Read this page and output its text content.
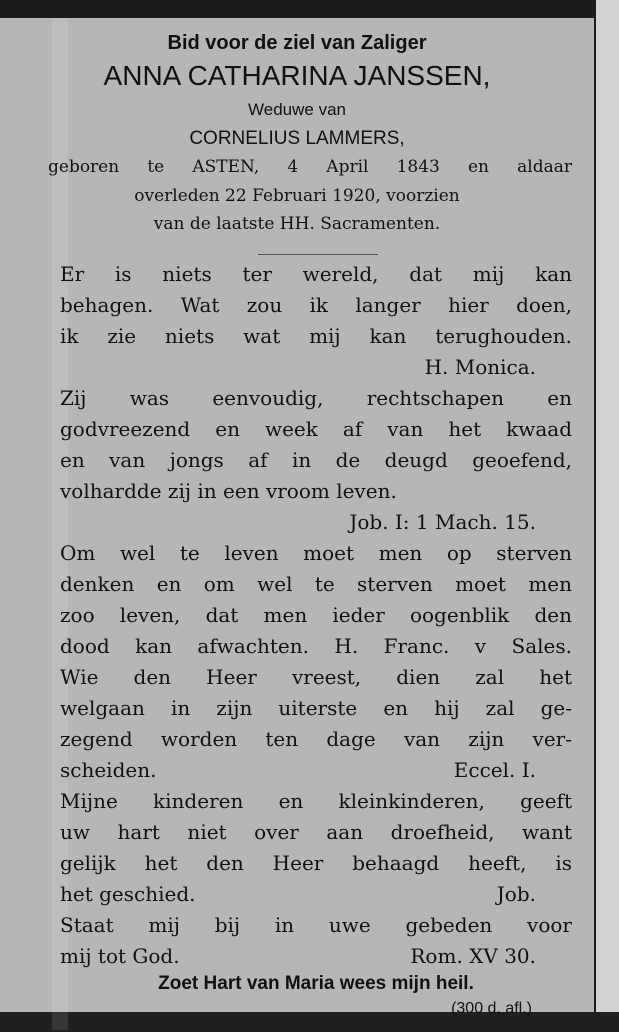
Bid voor de ziel van Zaliger
ANNA CATHARINA JANSSEN,
Weduwe van
CORNELIUS LAMMERS,
geboren te ASTEN, 4 April 1843 en aldaar
overleden 22 Februari 1920, voorzien
van de laatste HH. Sacramenten.
Er is niets ter wereld, dat mij kan
behagen. Wat zou ik langer hier doen,
ik zie niets wat mij kan terughouden.
H. Monica.
Zij was eenvoudig, rechtschapen en
godvreezend en week af van het kwaad
en van jongs af in de deugd geoefend,
volhardde zij in een vroom leven.
Job. I: 1 Mach. 15.
Om wel te leven moet men op sterven
denken en om wel te sterven moet men
zoo leven, dat men ieder oogenblik den
dood kan afwachten. H. Franc. v Sales.
Wie den Heer vreest, dien zal het
welgaan in zijn uiterste en hij zal ge-
zegend worden ten dage van zijn ver-
scheiden.	Eccel. I.
Mijne kinderen en kleinkinderen, geeft
uw hart niet over aan droefheid, want
gelijk het den Heer behaagd heeft, is
het geschied.	Job.
Staat mij bij in uwe gebeden voor
mij tot God.	Rom. XV 30.
Zoet Hart van Maria wees mijn heil.
(300 d. afl.)
